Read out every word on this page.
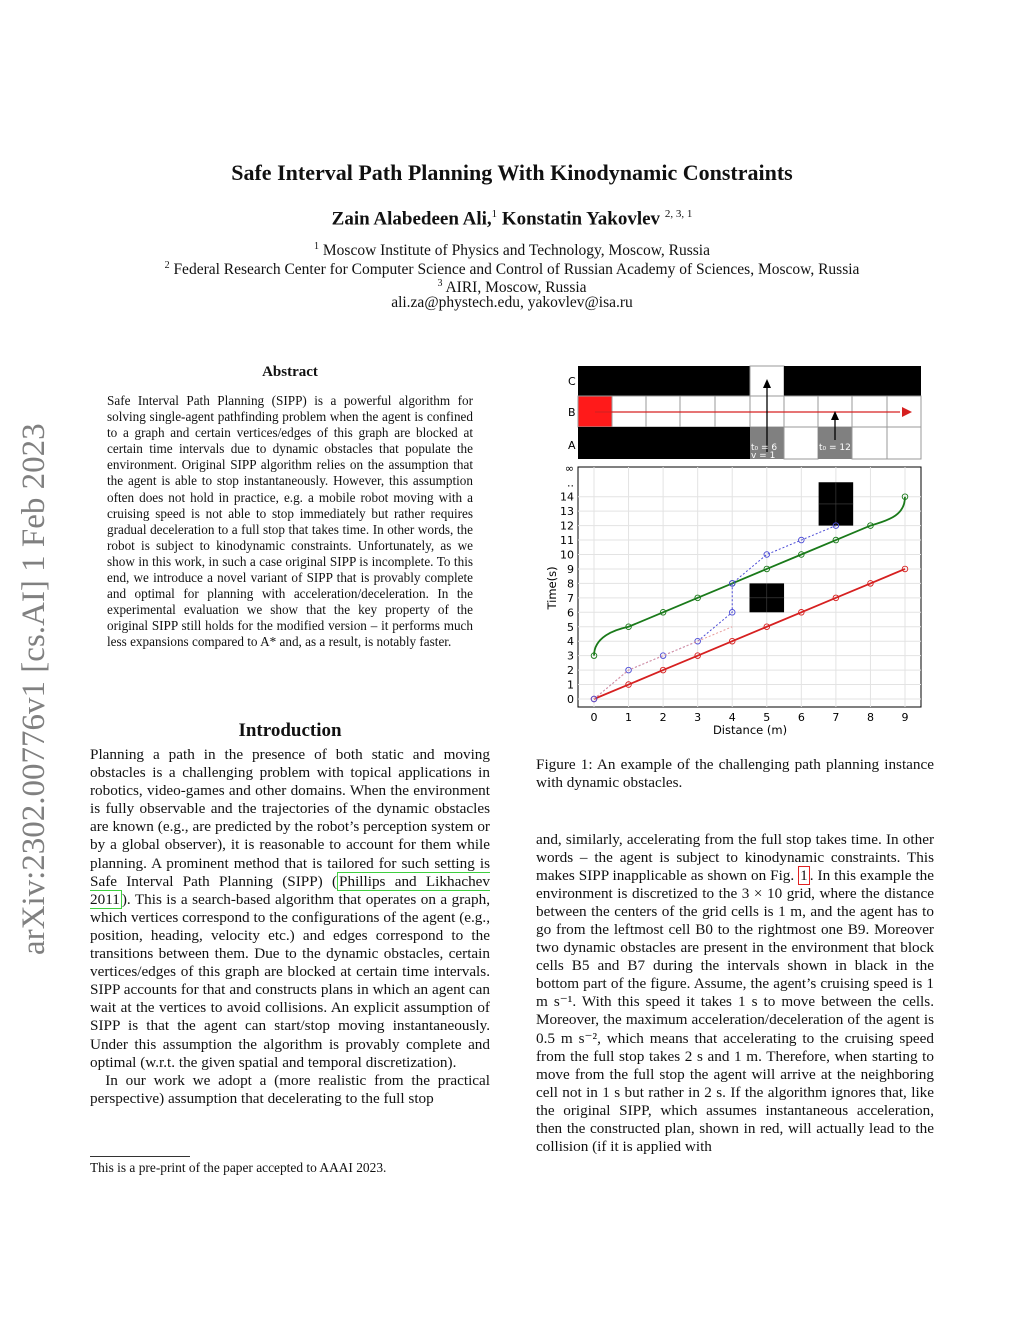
arXiv:2302.00776v1 [cs.AI] 1 Feb 2023
Safe Interval Path Planning With Kinodynamic Constraints
Zain Alabedeen Ali,$^1$ Konstatin Yakovlev $^{2, 3, 1}$
$^1$ Moscow Institute of Physics and Technology, Moscow, Russia
$^2$ Federal Research Center for Computer Science and Control of Russian Academy of Sciences, Moscow, Russia
$^3$ AIRI, Moscow, Russia
ali.za@phystech.edu, yakovlev@isa.ru
Abstract
Safe Interval Path Planning (SIPP) is a powerful algorithm for solving single-agent pathfinding problem when the agent is confined to a graph and certain vertices/edges of this graph are blocked at certain time intervals due to dynamic obstacles that populate the environment. Original SIPP algorithm relies on the assumption that the agent is able to stop instantaneously. However, this assumption often does not hold in practice, e.g. a mobile robot moving with a cruising speed is not able to stop immediately but rather requires gradual deceleration to a full stop that takes time. In other words, the robot is subject to kinodynamic constraints. Unfortunately, as we show in this work, in such a case original SIPP is incomplete. To this end, we introduce a novel variant of SIPP that is provably complete and optimal for planning with acceleration/deceleration. In the experimental evaluation we show that the key property of the original SIPP still holds for the modified version – it performs much less expansions compared to A* and, as a result, is notably faster.
Introduction

Planning a path in the presence of both static and moving obstacles is a challenging problem with topical applications in robotics, video-games and other domains. When the environment is fully observable and the trajectories of the dynamic obstacles are known (e.g., are predicted by the robot’s perception system or by a global observer), it is reasonable to account for them while planning. A prominent method that is tailored for such setting is Safe Interval Path Planning (SIPP) ( Phillips and Likhachev 2011 ). This is a search-based algorithm that operates on a graph, which vertices correspond to the configurations of the agent (e.g., position, heading, velocity etc.) and edges correspond to the transitions between them. Due to the dynamic obstacles, certain vertices/edges of this graph are blocked at certain time intervals. SIPP accounts for that and constructs plans in which an agent can wait at the vertices to avoid collisions. An explicit assumption of SIPP is that the agent can start/stop moving instantaneously. Under this assumption the algorithm is provably complete and optimal (w.r.t. the given spatial and temporal discretization).

In our work we adopt a (more realistic from the practical perspective) assumption that decelerating to the full stop

This is a pre-print of the paper accepted to AAAI 2023.
C
B
A	t₀ = 6
v = 1
t₀ = 12
0	1	2	3	4	5	6	7	8	9
0
1
2
3
4
5
6
7
8
9
10
11
12
13
14
..
∞
Distance (m)
Time(s)
Figure 1: An example of the challenging path planning instance with dynamic obstacles.

and, similarly, accelerating from the full stop takes time. In other words – the agent is subject to kinodynamic constraints. This makes SIPP inapplicable as shown on Fig. 1 . In this example the environment is discretized to the 3 × 10 grid, where the distance between the centers of the grid cells is 1 m, and the agent has to go from the leftmost cell B0 to the rightmost one B9. Moreover two dynamic obstacles are present in the environment that block cells B5 and B7 during the intervals shown in black in the bottom part of the figure. Assume, the agent’s cruising speed is 1 m s⁻¹. With this speed it takes 1 s to move between the cells. Moreover, the maximum acceleration/deceleration of the agent is 0.5 m s⁻², which means that accelerating to the cruising speed from the full stop takes 2 s and 1 m. Therefore, when starting to move from the full stop the agent will arrive at the neighboring cell not in 1 s but rather in 2 s. If the algorithm ignores that, like the original SIPP, which assumes instantaneous acceleration, then the constructed plan, shown in red, will actually lead to the collision (if it is applied with
